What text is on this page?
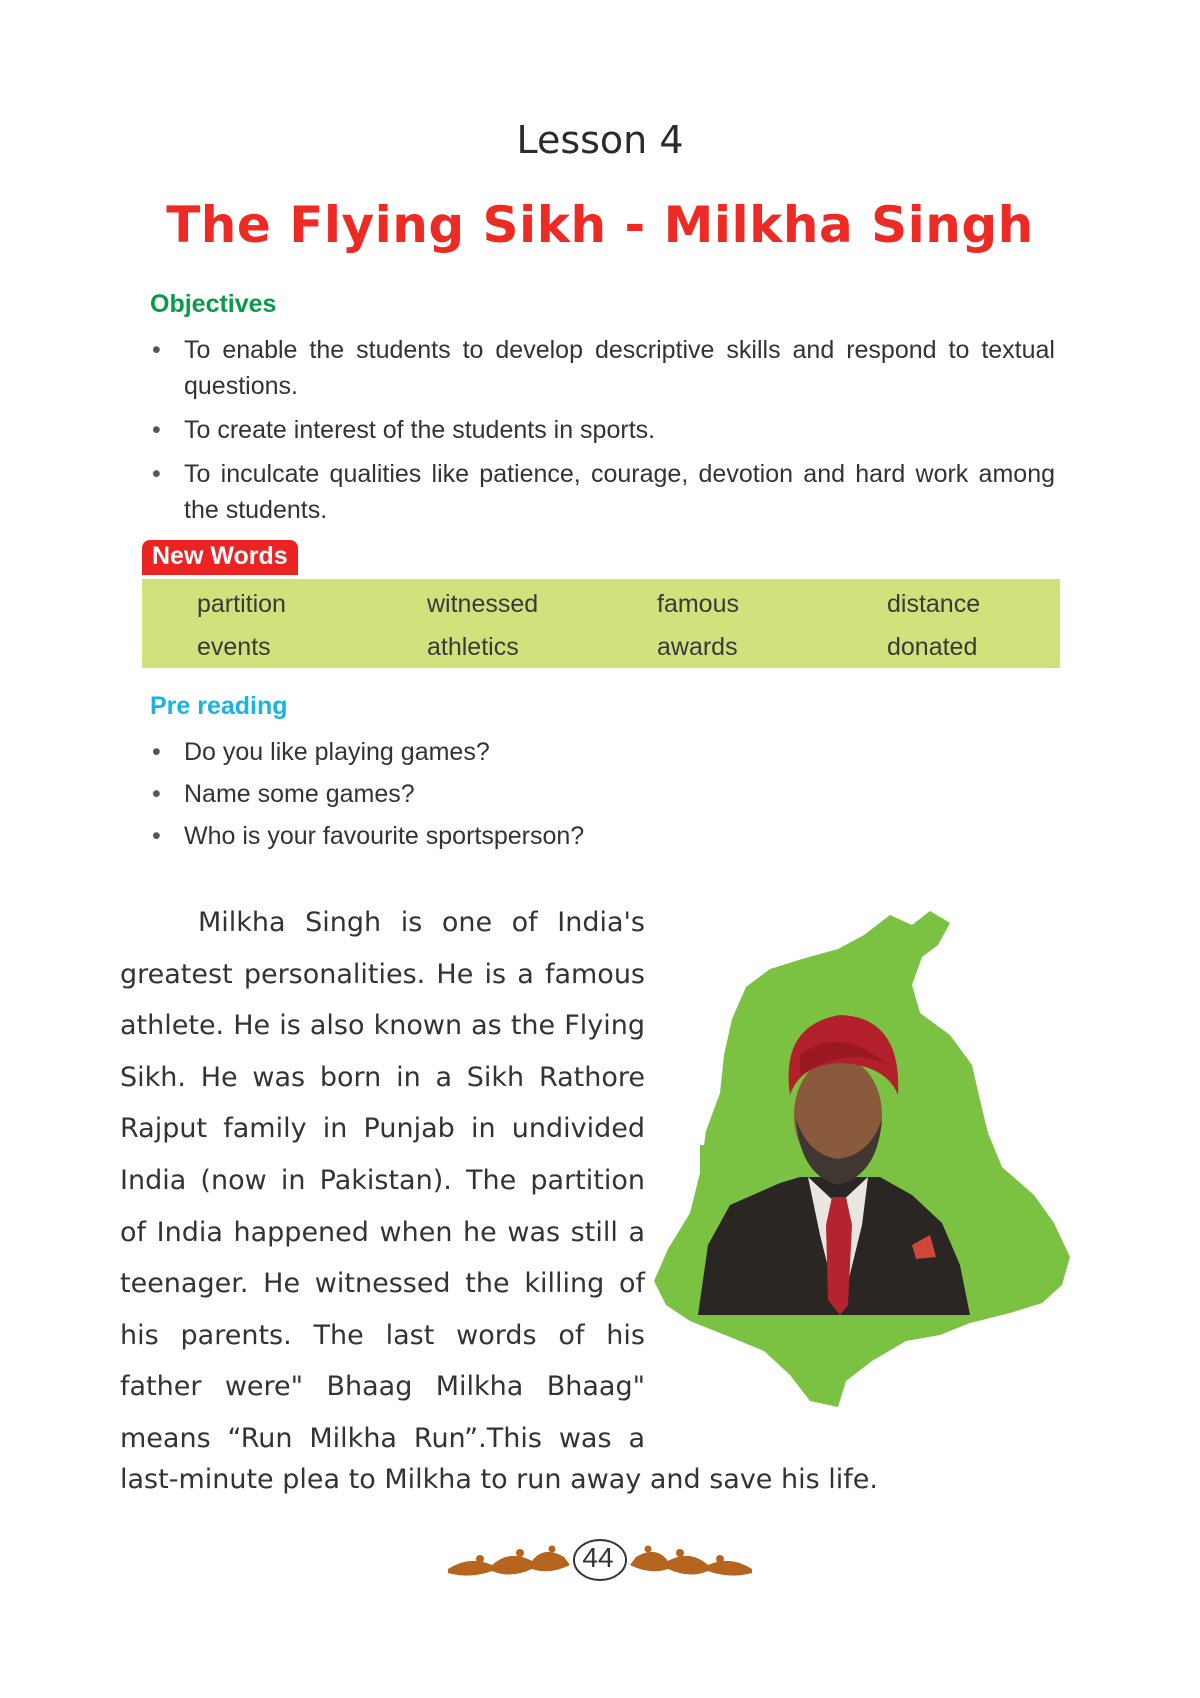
Lesson 4
The Flying Sikh - Milkha Singh
Objectives
• To enable the students to develop descriptive skills and respond to textual questions.
• To create interest of the students in sports.
• To inculcate qualities like patience, courage, devotion and hard work among the students.
New Words
partition	witnessed	famous	distance
events	athletics	awards	donated
Pre reading
• Do you like playing games?
• Name some games?
• Who is your favourite sportsperson?
Milkha Singh is one of India's
greatest personalities. He is a famous
athlete. He is also known as the Flying
Sikh. He was born in a Sikh Rathore
Rajput family in Punjab in undivided
India (now in Pakistan). The partition
of India happened when he was still a
teenager. He witnessed the killing of
his parents. The last words of his
father were" Bhaag Milkha Bhaag"
means “Run Milkha Run”.This was a
last-minute plea to Milkha to run away and save his life.
44
